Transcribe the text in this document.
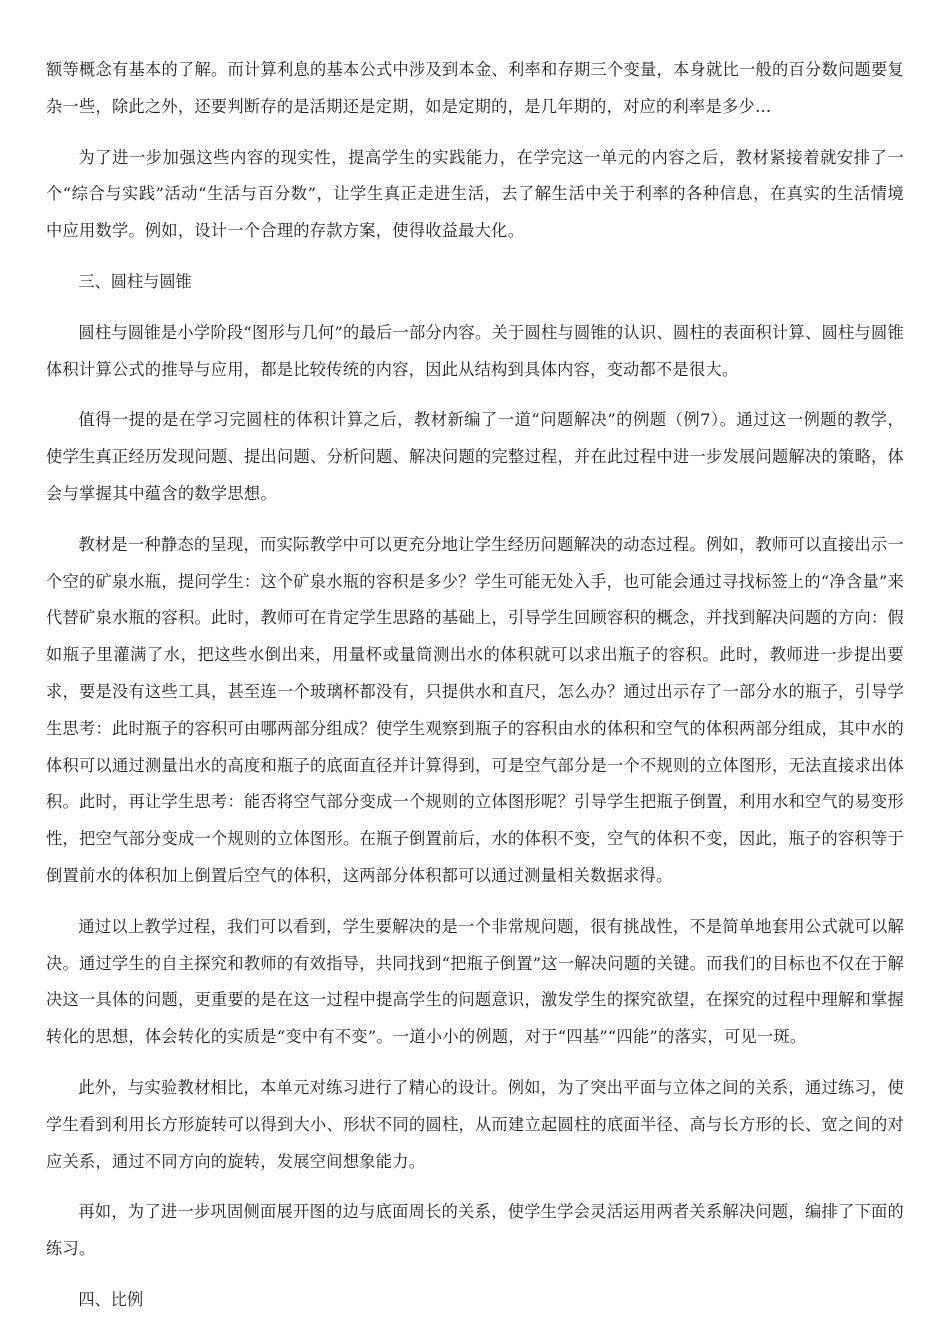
额等概念有基本的了解。而计算利息的基本公式中涉及到本金、利率和存期三个变量，本身就比一般的百分数问题要复杂一些，除此之外，还要判断存的是活期还是定期，如是定期的，是几年期的，对应的利率是多少…

为了进一步加强这些内容的现实性，提高学生的实践能力，在学完这一单元的内容之后，教材紧接着就安排了一个“综合与实践”活动“生活与百分数”，让学生真正走进生活，去了解生活中关于利率的各种信息，在真实的生活情境中应用数学。例如，设计一个合理的存款方案，使得收益最大化。

三、圆柱与圆锥

圆柱与圆锥是小学阶段“图形与几何”的最后一部分内容。关于圆柱与圆锥的认识、圆柱的表面积计算、圆柱与圆锥体积计算公式的推导与应用，都是比较传统的内容，因此从结构到具体内容，变动都不是很大。

值得一提的是在学习完圆柱的体积计算之后，教材新编了一道“问题解决”的例题（例7）。通过这一例题的教学，使学生真正经历发现问题、提出问题、分析问题、解决问题的完整过程，并在此过程中进一步发展问题解决的策略，体会与掌握其中蕴含的数学思想。

教材是一种静态的呈现，而实际教学中可以更充分地让学生经历问题解决的动态过程。例如，教师可以直接出示一个空的矿泉水瓶，提问学生：这个矿泉水瓶的容积是多少？学生可能无处入手，也可能会通过寻找标签上的“净含量”来代替矿泉水瓶的容积。此时，教师可在肯定学生思路的基础上，引导学生回顾容积的概念，并找到解决问题的方向：假如瓶子里灌满了水，把这些水倒出来，用量杯或量筒测出水的体积就可以求出瓶子的容积。此时，教师进一步提出要求，要是没有这些工具，甚至连一个玻璃杯都没有，只提供水和直尺，怎么办？通过出示存了一部分水的瓶子，引导学生思考：此时瓶子的容积可由哪两部分组成？使学生观察到瓶子的容积由水的体积和空气的体积两部分组成，其中水的体积可以通过测量出水的高度和瓶子的底面直径并计算得到，可是空气部分是一个不规则的立体图形，无法直接求出体积。此时，再让学生思考：能否将空气部分变成一个规则的立体图形呢？引导学生把瓶子倒置，利用水和空气的易变形性，把空气部分变成一个规则的立体图形。在瓶子倒置前后，水的体积不变，空气的体积不变，因此，瓶子的容积等于倒置前水的体积加上倒置后空气的体积，这两部分体积都可以通过测量相关数据求得。

通过以上教学过程，我们可以看到，学生要解决的是一个非常规问题，很有挑战性，不是简单地套用公式就可以解决。通过学生的自主探究和教师的有效指导，共同找到“把瓶子倒置”这一解决问题的关键。而我们的目标也不仅在于解决这一具体的问题，更重要的是在这一过程中提高学生的问题意识，激发学生的探究欲望，在探究的过程中理解和掌握转化的思想，体会转化的实质是“变中有不变”。一道小小的例题，对于“四基”“四能”的落实，可见一斑。

此外，与实验教材相比，本单元对练习进行了精心的设计。例如，为了突出平面与立体之间的关系，通过练习，使学生看到利用长方形旋转可以得到大小、形状不同的圆柱，从而建立起圆柱的底面半径、高与长方形的长、宽之间的对应关系，通过不同方向的旋转，发展空间想象能力。

再如，为了进一步巩固侧面展开图的边与底面周长的关系，使学生学会灵活运用两者关系解决问题，编排了下面的练习。

四、比例
